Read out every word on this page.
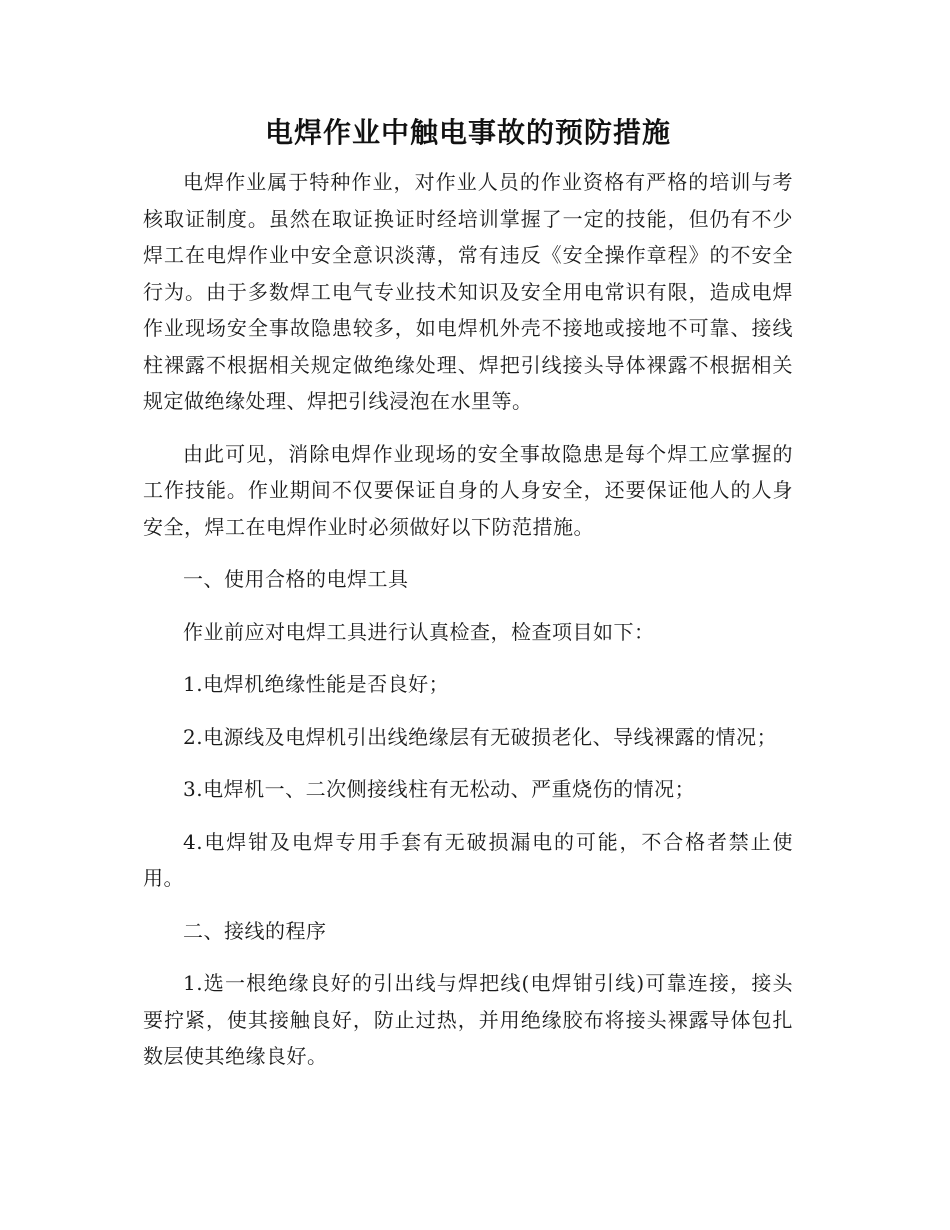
电焊作业中触电事故的预防措施

电焊作业属于特种作业，对作业人员的作业资格有严格的培训与考核取证制度。虽然在取证换证时经培训掌握了一定的技能，但仍有不少焊工在电焊作业中安全意识淡薄，常有违反《安全操作章程》的不安全行为。由于多数焊工电气专业技术知识及安全用电常识有限，造成电焊作业现场安全事故隐患较多，如电焊机外壳不接地或接地不可靠、接线柱裸露不根据相关规定做绝缘处理、焊把引线接头导体裸露不根据相关规定做绝缘处理、焊把引线浸泡在水里等。

由此可见，消除电焊作业现场的安全事故隐患是每个焊工应掌握的工作技能。作业期间不仅要保证自身的人身安全，还要保证他人的人身安全，焊工在电焊作业时必须做好以下防范措施。

一、使用合格的电焊工具

作业前应对电焊工具进行认真检查，检查项目如下：

1.电焊机绝缘性能是否良好；

2.电源线及电焊机引出线绝缘层有无破损老化、导线裸露的情况；

3.电焊机一、二次侧接线柱有无松动、严重烧伤的情况；

4.电焊钳及电焊专用手套有无破损漏电的可能，不合格者禁止使用。

二、接线的程序

1.选一根绝缘良好的引出线与焊把线(电焊钳引线)可靠连接，接头要拧紧，使其接触良好，防止过热，并用绝缘胶布将接头裸露导体包扎数层使其绝缘良好。
